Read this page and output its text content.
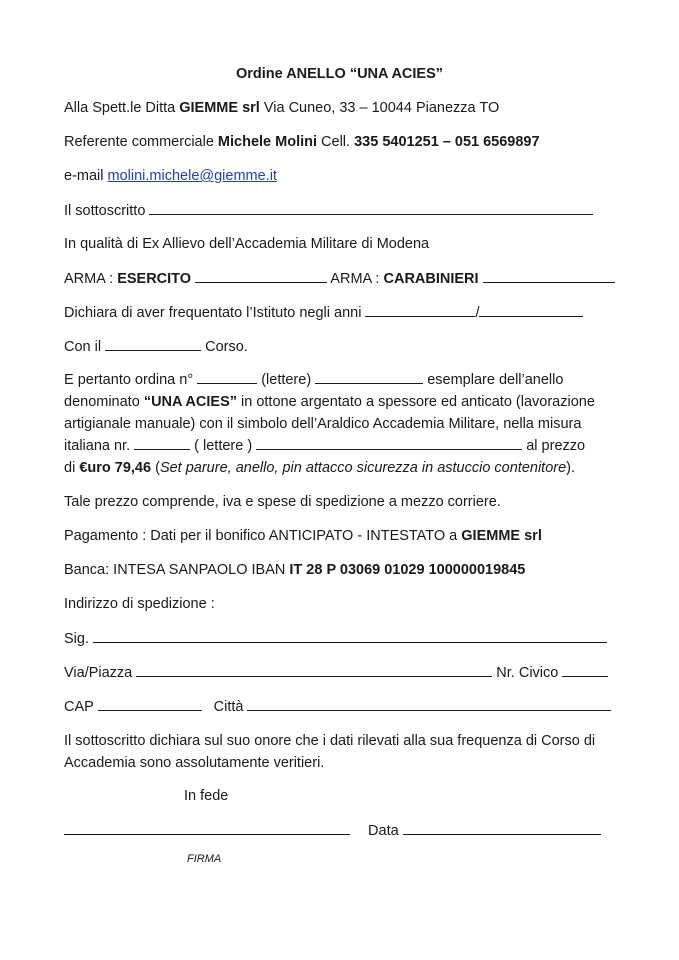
Ordine ANELLO “UNA ACIES”
Alla Spett.le Ditta GIEMME srl Via Cuneo, 33 – 10044 Pianezza TO
Referente commerciale Michele Molini Cell. 335 5401251 – 051 6569897
e-mail molini.michele@giemme.it
Il sottoscritto
In qualità di Ex Allievo dell’Accademia Militare di Modena
ARMA : ESERCITO	ARMA : CARABINIERI
Dichiara di aver frequentato l’Istituto negli anni	/
Con il	Corso.
E pertanto ordina n°	(lettere)	esemplare dell’anello
denominato “UNA ACIES” in ottone argentato a spessore ed anticato (lavorazione
artigianale manuale) con il simbolo dell’Araldico Accademia Militare, nella misura
italiana nr.	( lettere )	al prezzo
di €uro 79,46 (Set parure, anello, pin attacco sicurezza in astuccio contenitore).
Tale prezzo comprende, iva e spese di spedizione a mezzo corriere.
Pagamento : Dati per il bonifico ANTICIPATO - INTESTATO a GIEMME srl
Banca: INTESA SANPAOLO IBAN IT 28 P 03069 01029 100000019845
Indirizzo di spedizione :
Sig.
Via/Piazza	Nr. Civico
CAP	Città
Il sottoscritto dichiara sul suo onore che i dati rilevati alla sua frequenza di Corso di
Accademia sono assolutamente veritieri.
In fede
Data
FIRMA
